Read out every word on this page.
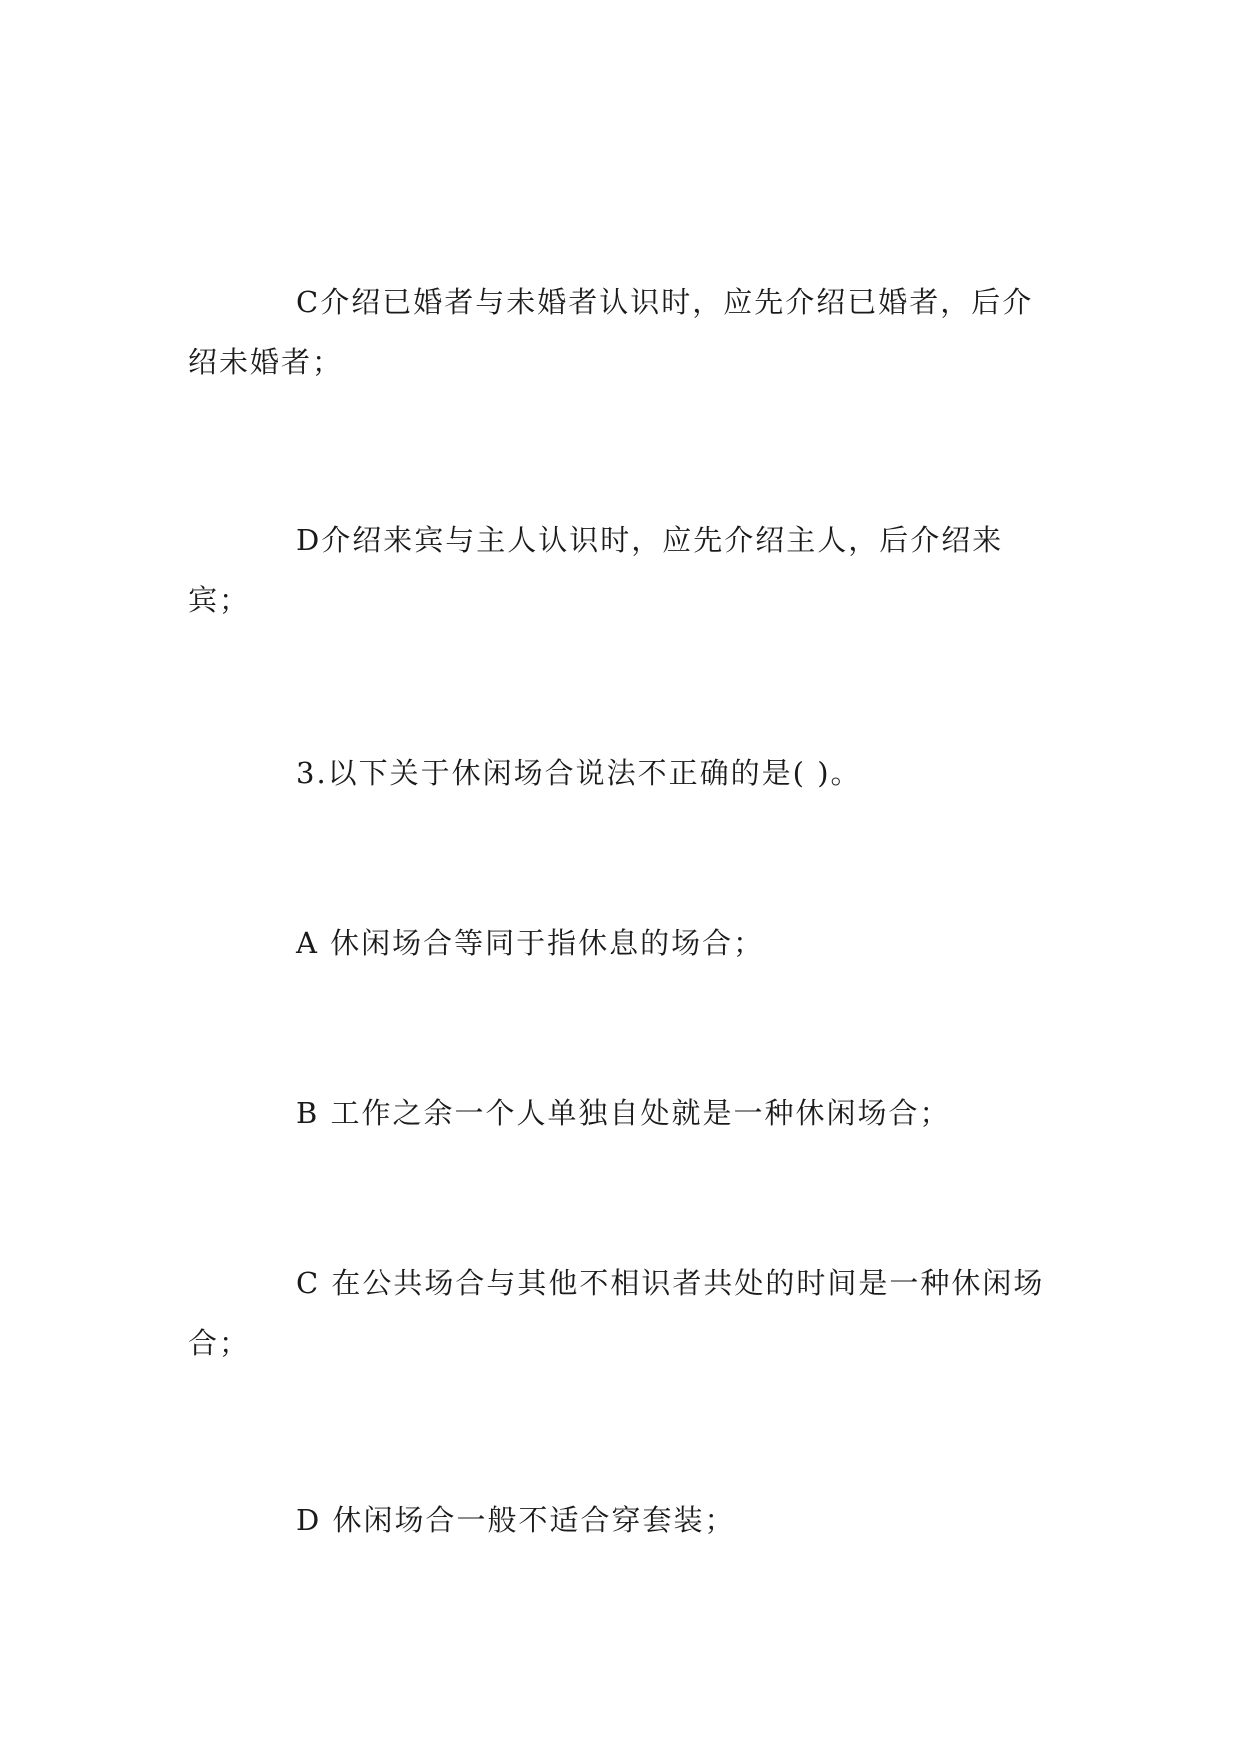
C介绍已婚者与未婚者认识时，应先介绍已婚者，后介绍未婚者；

D介绍来宾与主人认识时，应先介绍主人，后介绍来宾；

3.以下关于休闲场合说法不正确的是( )。

A 休闲场合等同于指休息的场合；

B 工作之余一个人单独自处就是一种休闲场合；

C 在公共场合与其他不相识者共处的时间是一种休闲场合；

D 休闲场合一般不适合穿套装；
